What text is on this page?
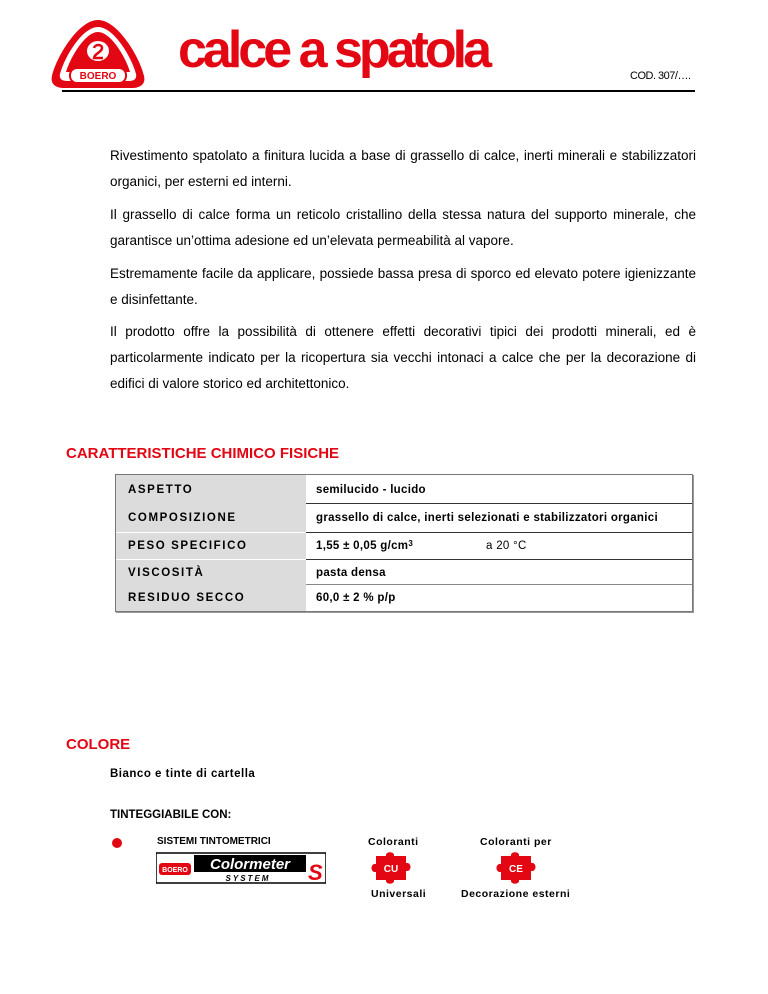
BOERO calce a spatola	COD. 307/….

Rivestimento spatolato a finitura lucida a base di grassello di calce, inerti minerali e stabilizzatori organici, per esterni ed interni.

Il grassello di calce forma un reticolo cristallino della stessa natura del supporto minerale, che garantisce un’ottima adesione ed un’elevata permeabilità al vapore.

Estremamente facile da applicare, possiede bassa presa di sporco ed elevato potere igienizzante e disinfettante.

Il prodotto offre la possibilità di ottenere effetti decorativi tipici dei prodotti minerali, ed è particolarmente indicato per la ricopertura sia vecchi intonaci a calce che per la decorazione di edifici di valore storico ed architettonico.

CARATTERISTICHE CHIMICO FISICHE
ASPETTO	semilucido - lucido
COMPOSIZIONE	grassello di calce, inerti selezionati e stabilizzatori organici
PESO SPECIFICO	1,55 ± 0,05 $g/cm^3$	a 20 °C
VISCOSITÀ	pasta densa
RESIDUO SECCO	60,0 ± 2 % p/p
COLORE
Bianco e tinte di cartella
TINTEGGIABILE CON:
SISTEMI TINTOMETRICI
BOERO Colormeter
SYSTEM S
Coloranti	Coloranti per
CU	CE
Universali	Decorazione esterni
